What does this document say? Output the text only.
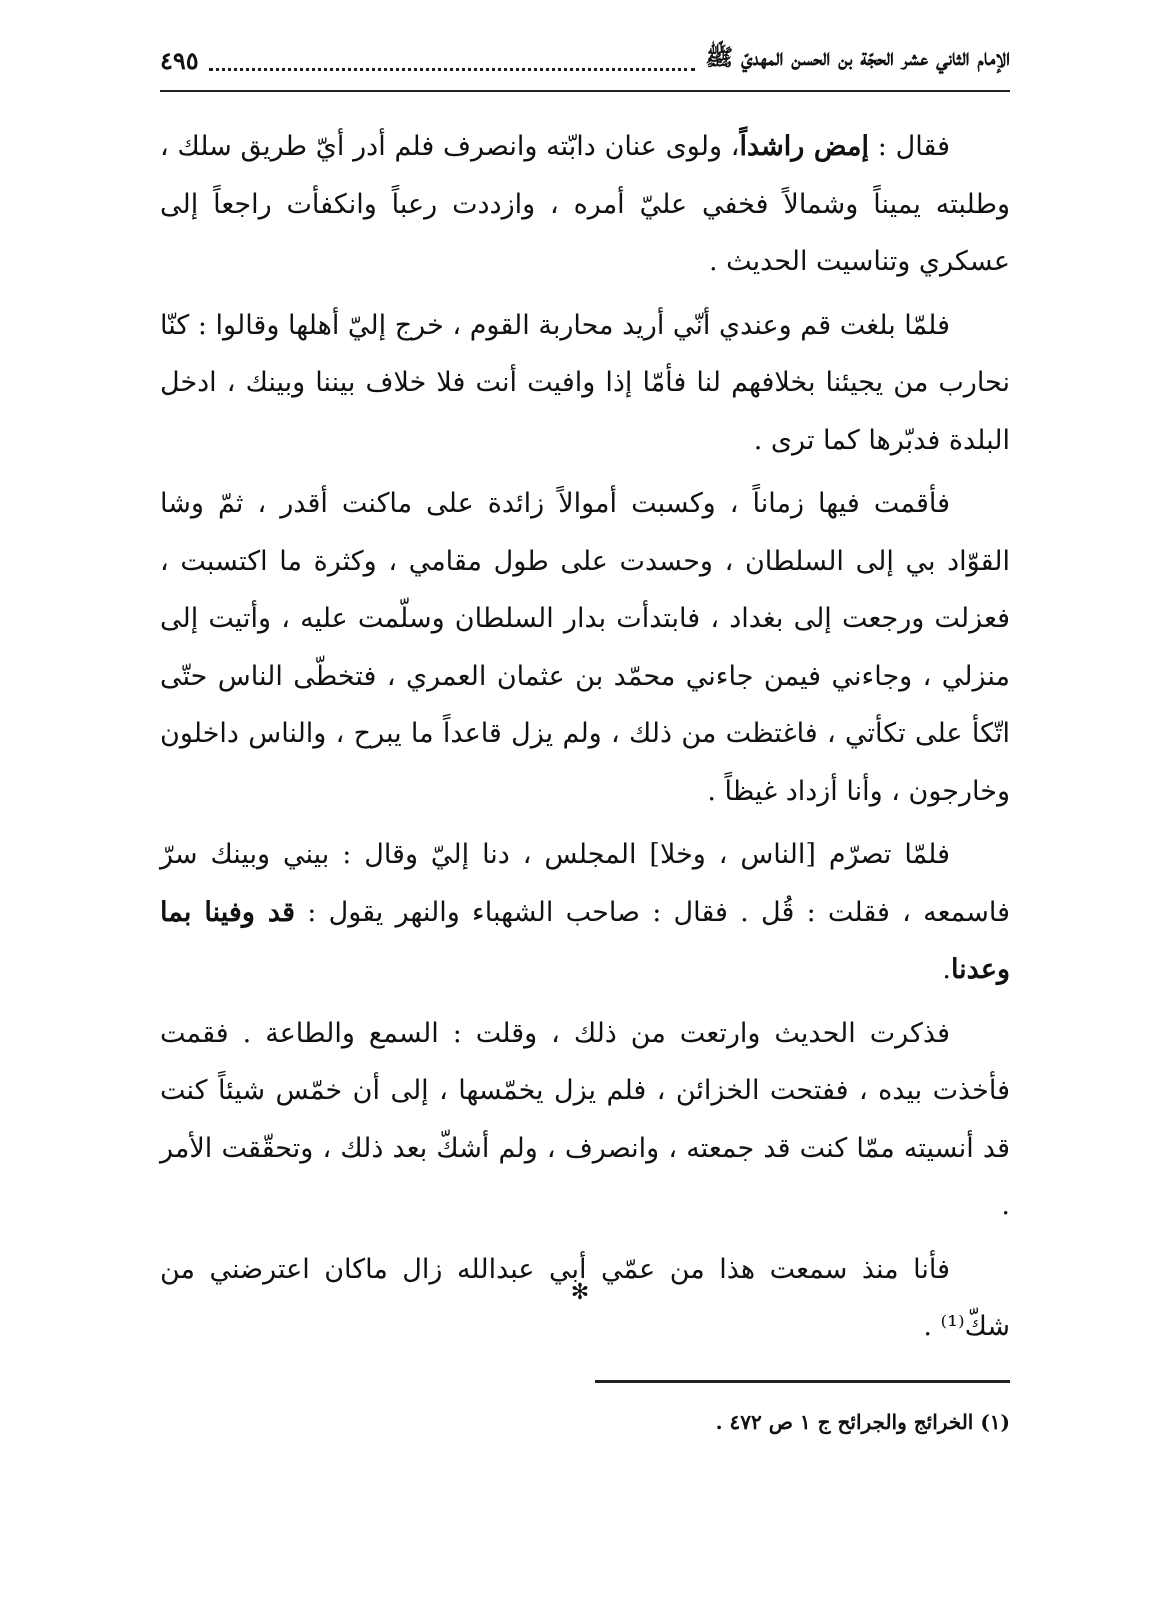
٤٩٥	الإمام الثاني عشر الحجّة بن الحسن المهديّ ﷺ

فقال : إمض راشداً، ولوى عنان دابّته وانصرف فلم أدر أيّ طريق سلك ، وطلبته يميناً وشمالاً فخفي عليّ أمره ، وازددت رعباً وانكفأت راجعاً إلى عسكري وتناسيت الحديث .

فلمّا بلغت قم وعندي أنّي أريد محاربة القوم ، خرج إليّ أهلها وقالوا : كنّا نحارب من يجيئنا بخلافهم لنا فأمّا إذا وافيت أنت فلا خلاف بيننا وبينك ، ادخل البلدة فدبّرها كما ترى .

فأقمت فيها زماناً ، وكسبت أموالاً زائدة على ماكنت أقدر ، ثمّ وشا القوّاد بي إلى السلطان ، وحسدت على طول مقامي ، وكثرة ما اكتسبت ، فعزلت ورجعت إلى بغداد ، فابتدأت بدار السلطان وسلّمت عليه ، وأتيت إلى منزلي ، وجاءني فيمن جاءني محمّد بن عثمان العمري ، فتخطّى الناس حتّى اتّكأ على تكأتي ، فاغتظت من ذلك ، ولم يزل قاعداً ما يبرح ، والناس داخلون وخارجون ، وأنا أزداد غيظاً .

فلمّا تصرّم [الناس ، وخلا] المجلس ، دنا إليّ وقال : بيني وبينك سرّ فاسمعه ، فقلت : قُل . فقال : صاحب الشهباء والنهر يقول : قد وفينا بما وعدنا.

فذكرت الحديث وارتعت من ذلك ، وقلت : السمع والطاعة . فقمت فأخذت بيده ، ففتحت الخزائن ، فلم يزل يخمّسها ، إلى أن خمّس شيئاً كنت قد أنسيته ممّا كنت قد جمعته ، وانصرف ، ولم أشكّ بعد ذلك ، وتحقّقت الأمر .

فأنا منذ سمعت هذا من عمّي أبي عبدالله زال ماكان اعترضني من شكّ⁽¹⁾ .

✻
(١) الخرائج والجرائح ج ١ ص ٤٧٢ .
